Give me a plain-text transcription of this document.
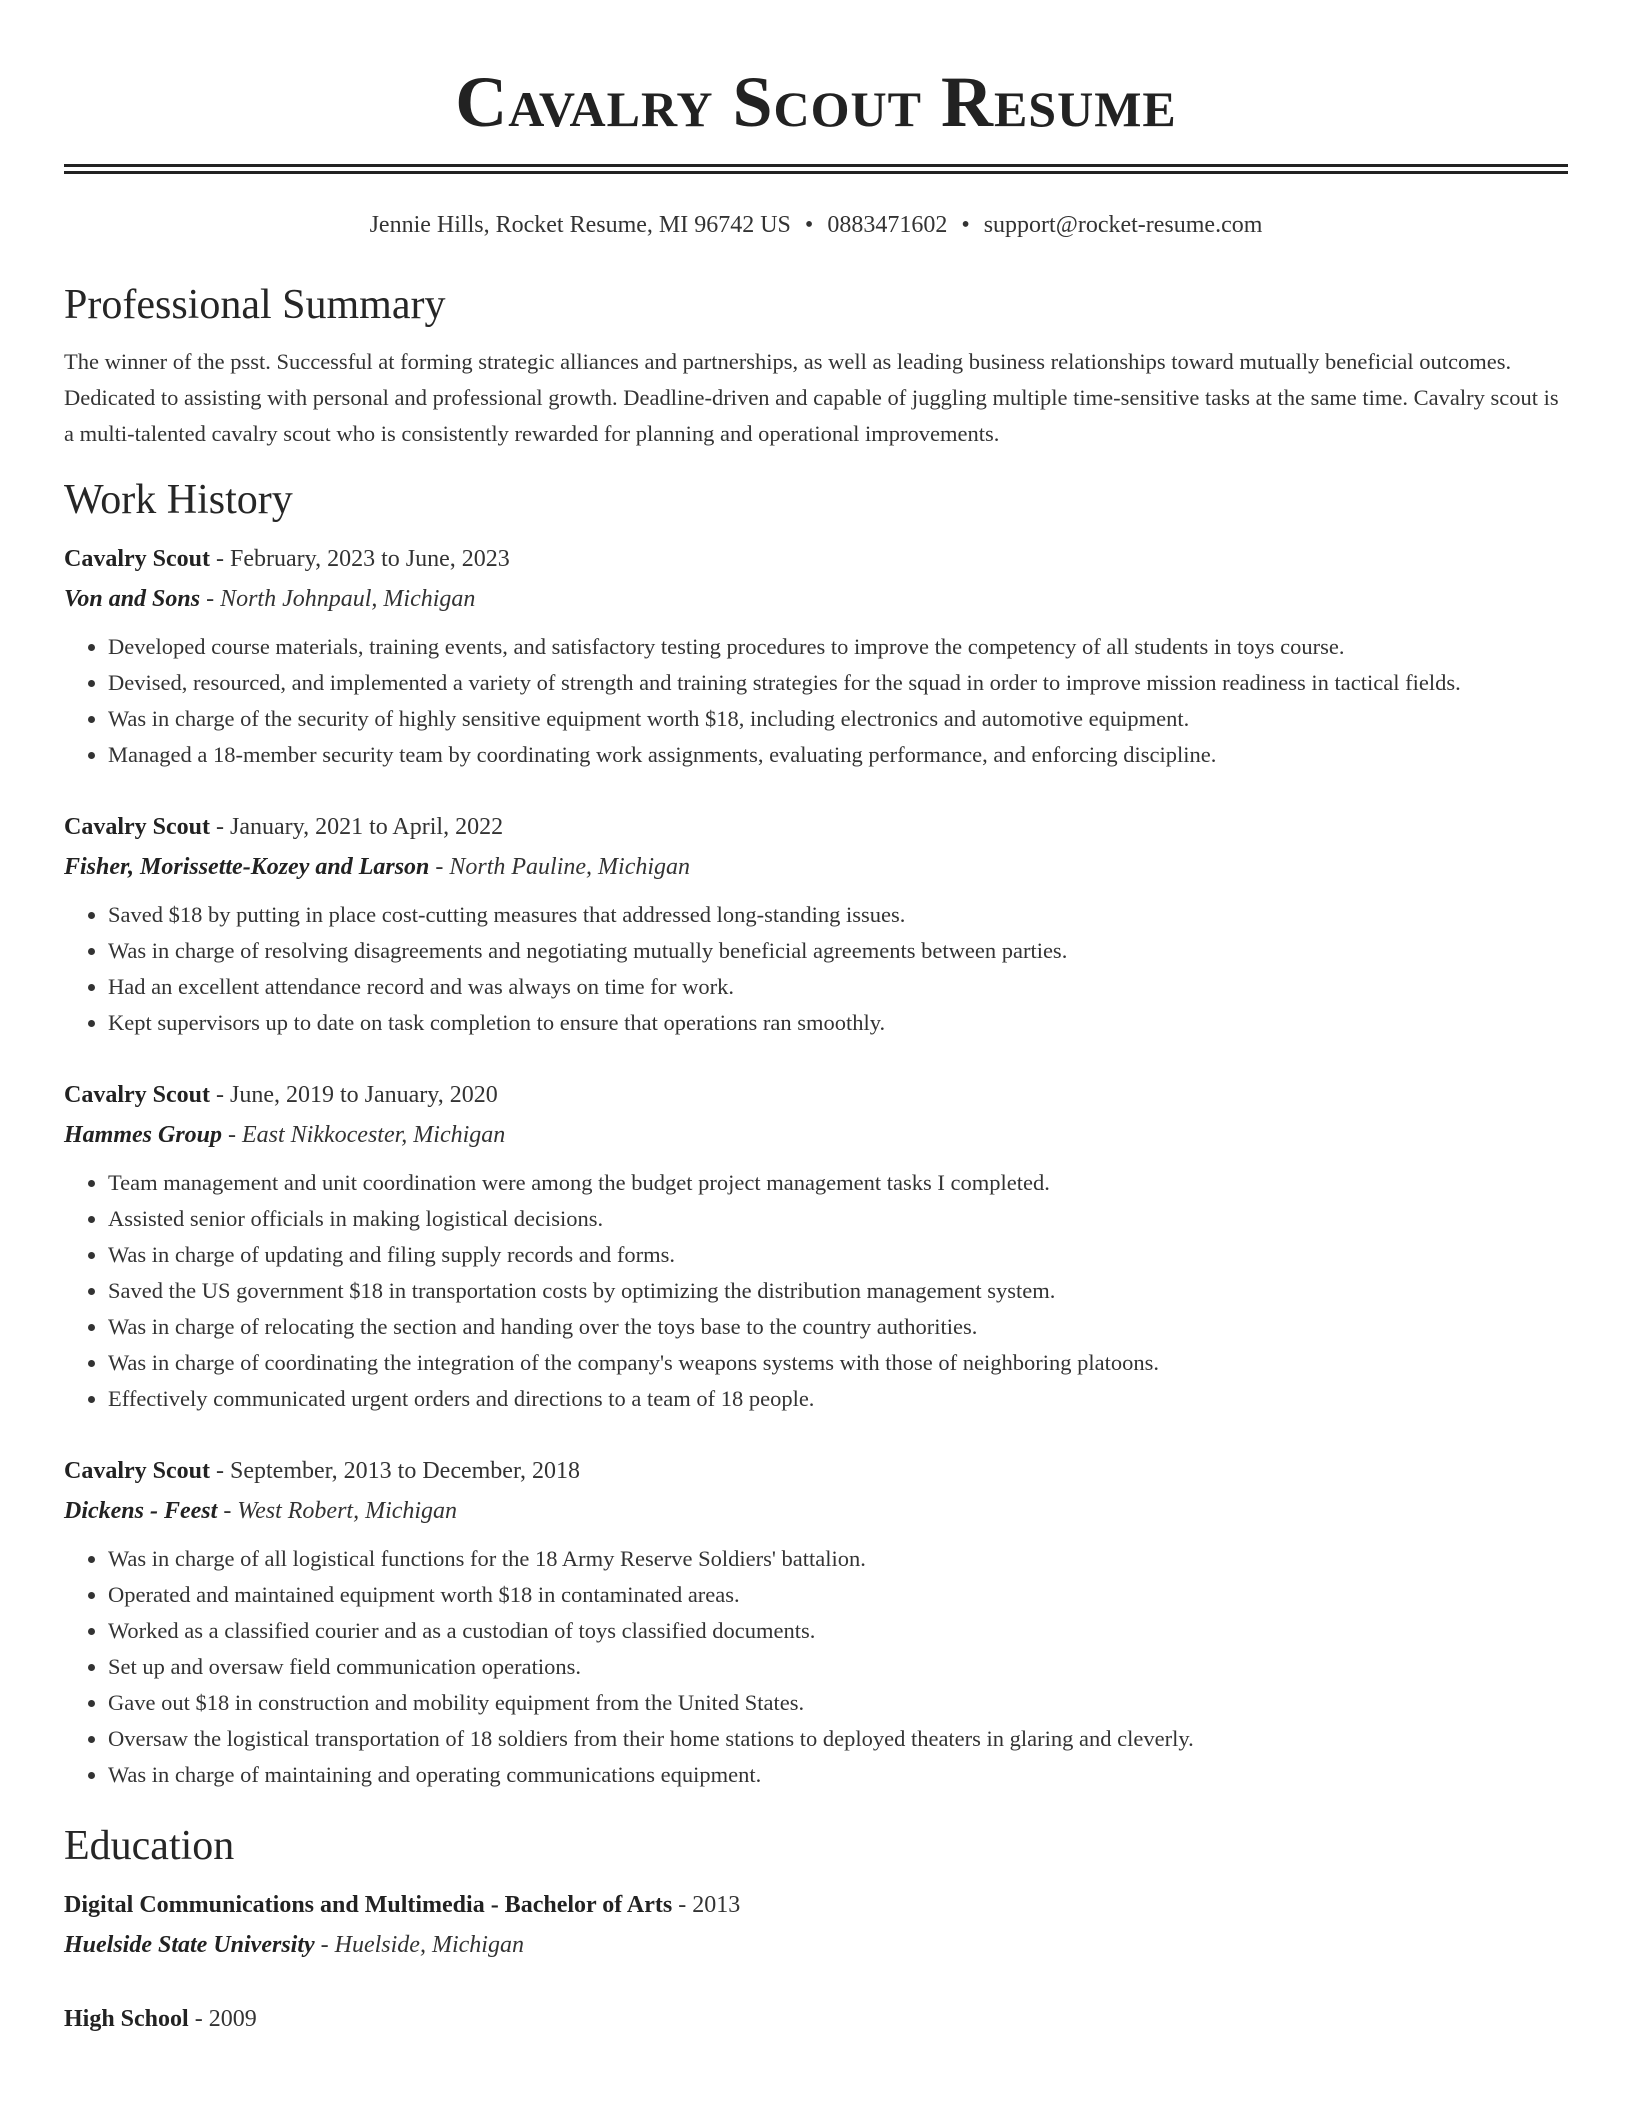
Cavalry Scout Resume
Jennie Hills, Rocket Resume, MI 96742 US • 0883471602 • support@rocket-resume.com
Professional Summary

The winner of the psst. Successful at forming strategic alliances and partnerships, as well as leading business relationships toward mutually beneficial outcomes. Dedicated to assisting with personal and professional growth. Deadline-driven and capable of juggling multiple time-sensitive tasks at the same time. Cavalry scout is a multi-talented cavalry scout who is consistently rewarded for planning and operational improvements.

Work History
Cavalry Scout - February, 2023 to June, 2023
Von and Sons - North Johnpaul, Michigan
• Developed course materials, training events, and satisfactory testing procedures to improve the competency of all students in toys course.
• Devised, resourced, and implemented a variety of strength and training strategies for the squad in order to improve mission readiness in tactical fields.
• Was in charge of the security of highly sensitive equipment worth $18, including electronics and automotive equipment.
• Managed a 18-member security team by coordinating work assignments, evaluating performance, and enforcing discipline.
Cavalry Scout - January, 2021 to April, 2022
Fisher, Morissette-Kozey and Larson - North Pauline, Michigan
• Saved $18 by putting in place cost-cutting measures that addressed long-standing issues.
• Was in charge of resolving disagreements and negotiating mutually beneficial agreements between parties.
• Had an excellent attendance record and was always on time for work.
• Kept supervisors up to date on task completion to ensure that operations ran smoothly.
Cavalry Scout - June, 2019 to January, 2020
Hammes Group - East Nikkocester, Michigan
• Team management and unit coordination were among the budget project management tasks I completed.
• Assisted senior officials in making logistical decisions.
• Was in charge of updating and filing supply records and forms.
• Saved the US government $18 in transportation costs by optimizing the distribution management system.
• Was in charge of relocating the section and handing over the toys base to the country authorities.
• Was in charge of coordinating the integration of the company's weapons systems with those of neighboring platoons.
• Effectively communicated urgent orders and directions to a team of 18 people.
Cavalry Scout - September, 2013 to December, 2018
Dickens - Feest - West Robert, Michigan
• Was in charge of all logistical functions for the 18 Army Reserve Soldiers' battalion.
• Operated and maintained equipment worth $18 in contaminated areas.
• Worked as a classified courier and as a custodian of toys classified documents.
• Set up and oversaw field communication operations.
• Gave out $18 in construction and mobility equipment from the United States.
• Oversaw the logistical transportation of 18 soldiers from their home stations to deployed theaters in glaring and cleverly.
• Was in charge of maintaining and operating communications equipment.
Education
Digital Communications and Multimedia - Bachelor of Arts - 2013
Huelside State University - Huelside, Michigan
High School - 2009
